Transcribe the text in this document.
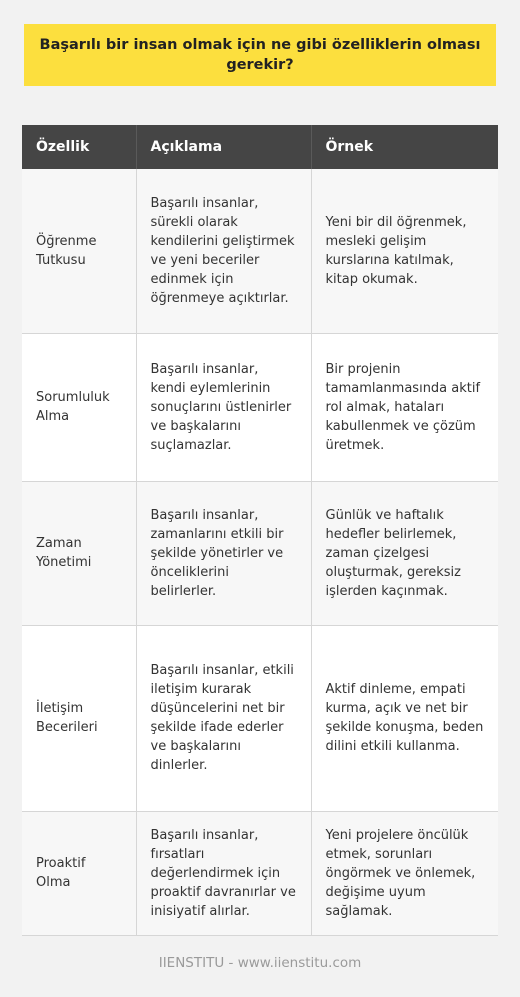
Başarılı bir insan olmak için ne gibi özelliklerin olması gerekir?
Özellik	Açıklama	Örnek
Öğrenme Tutkusu	Başarılı insanlar, sürekli olarak kendilerini geliştirmek ve yeni beceriler edinmek için öğrenmeye açıktırlar.	Yeni bir dil öğrenmek, mesleki gelişim kurslarına katılmak, kitap okumak.
Sorumluluk Alma	Başarılı insanlar, kendi eylemlerinin sonuçlarını üstlenirler ve başkalarını suçlamazlar.	Bir projenin tamamlanmasında aktif rol almak, hataları kabullenmek ve çözüm üretmek.
Zaman Yönetimi	Başarılı insanlar, zamanlarını etkili bir şekilde yönetirler ve önceliklerini belirlerler.	Günlük ve haftalık hedefler belirlemek, zaman çizelgesi oluşturmak, gereksiz işlerden kaçınmak.
İletişim Becerileri	Başarılı insanlar, etkili iletişim kurarak düşüncelerini net bir şekilde ifade ederler ve başkalarını dinlerler.	Aktif dinleme, empati kurma, açık ve net bir şekilde konuşma, beden dilini etkili kullanma.
Proaktif Olma	Başarılı insanlar, fırsatları değerlendirmek için proaktif davranırlar ve inisiyatif alırlar.	Yeni projelere öncülük etmek, sorunları öngörmek ve önlemek, değişime uyum sağlamak.
IIENSTITU - www.iienstitu.com
